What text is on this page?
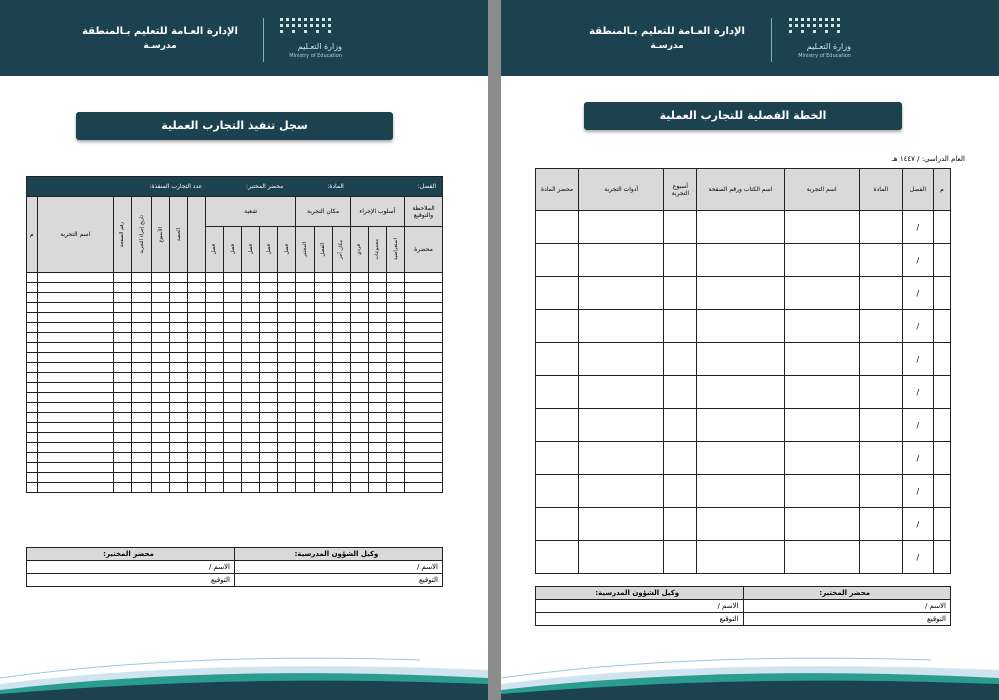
الإدارة العـامة للتعليم بـالمنطقة
مدرسـة	وزارة التعـليم
Ministry of Education
سجل تنفيذ التجارب العملية
الفصل:  المادة:  محضر المختبر:  عدد التجارب المنفذة:																		
م	اسم التجربة	رقم الصفحة	تاريخ إجراء التجربة	الأسبوع	الحصة		شعبة					مكان التجربة			أسلوب الإجراء			الملاحظة والتوقيع

							فصل	فصل	فصل	فصل	فصل	المختبر	الفصل	مكان آخر	فردي	مجموعات	استعراضية	محضرة

محضر المختبر:	وكيل الشؤون المدرسية:
الاسم /	الاسم /
التوقيع	التوقيع
الإدارة العـامة للتعليم بـالمنطقة
مدرسـة	وزارة التعـليم
Ministry of Education
الخطة الفصلية للتجارب العملية
العام الدراسي: / ١٤٤٧ هـ
محضر المادة	أدوات التجربة	أسبوع التجربة	اسم الكتاب ورقم الصفحة	اسم التجربة	المادة	الفصل	م
						/	
						/	
						/	
						/	
						/	
						/	
						/	
						/	
						/	
						/	
						/	
وكيل الشؤون المدرسية:	محضر المختبر:
الاسم /	الاسم /
التوقيع	التوقيع
